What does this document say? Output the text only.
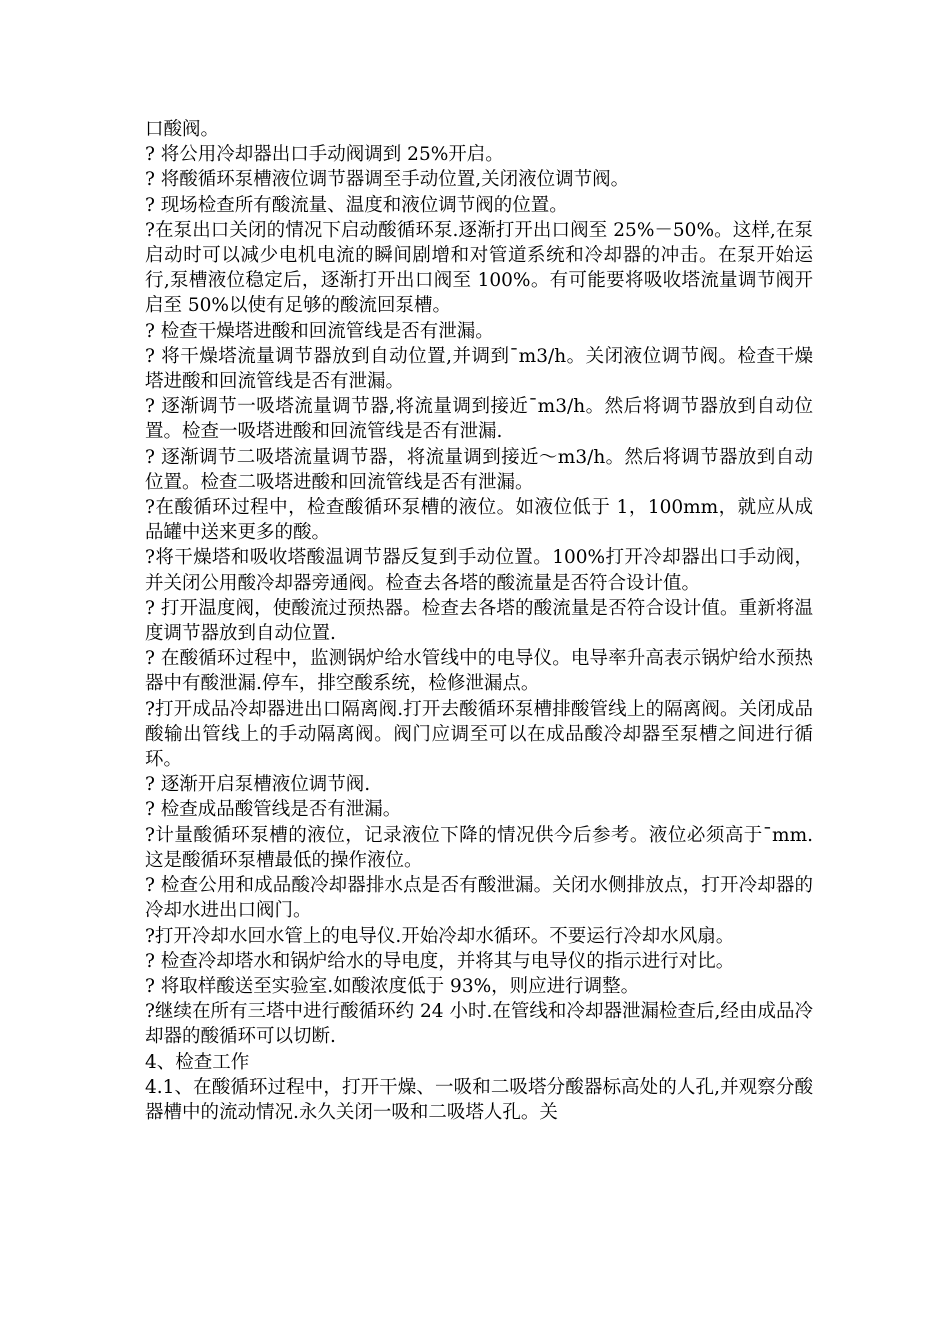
口酸阀。

? 将公用冷却器出口手动阀调到 25%开启。

? 将酸循环泵槽液位调节器调至手动位置,关闭液位调节阀。

? 现场检查所有酸流量、温度和液位调节阀的位置。

?在泵出口关闭的情况下启动酸循环泵.逐渐打开出口阀至 25%－50%。这样,在泵启动时可以减少电机电流的瞬间剧增和对管道系统和冷却器的冲击。在泵开始运行,泵槽液位稳定后，逐渐打开出口阀至 100%。有可能要将吸收塔流量调节阀开启至 50%以使有足够的酸流回泵槽。

? 检查干燥塔进酸和回流管线是否有泄漏。

? 将干燥塔流量调节器放到自动位置,并调到¯m3/h。关闭液位调节阀。检查干燥塔进酸和回流管线是否有泄漏。

? 逐渐调节一吸塔流量调节器,将流量调到接近¯m3/h。然后将调节器放到自动位置。检查一吸塔进酸和回流管线是否有泄漏.

? 逐渐调节二吸塔流量调节器，将流量调到接近～m3/h。然后将调节器放到自动位置。检查二吸塔进酸和回流管线是否有泄漏。

?在酸循环过程中，检查酸循环泵槽的液位。如液位低于 1，100mm，就应从成品罐中送来更多的酸。

?将干燥塔和吸收塔酸温调节器反复到手动位置。100%打开冷却器出口手动阀，并关闭公用酸冷却器旁通阀。检查去各塔的酸流量是否符合设计值。

? 打开温度阀，使酸流过预热器。检查去各塔的酸流量是否符合设计值。重新将温度调节器放到自动位置.

? 在酸循环过程中，监测锅炉给水管线中的电导仪。电导率升高表示锅炉给水预热器中有酸泄漏.停车，排空酸系统，检修泄漏点。

?打开成品冷却器进出口隔离阀.打开去酸循环泵槽排酸管线上的隔离阀。关闭成品酸输出管线上的手动隔离阀。阀门应调至可以在成品酸冷却器至泵槽之间进行循环。

? 逐渐开启泵槽液位调节阀.

? 检查成品酸管线是否有泄漏。

?计量酸循环泵槽的液位，记录液位下降的情况供今后参考。液位必须高于¯mm.这是酸循环泵槽最低的操作液位。

? 检查公用和成品酸冷却器排水点是否有酸泄漏。关闭水侧排放点，打开冷却器的冷却水进出口阀门。

?打开冷却水回水管上的电导仪.开始冷却水循环。不要运行冷却水风扇。

? 检查冷却塔水和锅炉给水的导电度，并将其与电导仪的指示进行对比。

? 将取样酸送至实验室.如酸浓度低于 93%，则应进行调整。

?继续在所有三塔中进行酸循环约 24 小时.在管线和冷却器泄漏检查后,经由成品冷却器的酸循环可以切断.

4、检查工作

4.1、在酸循环过程中，打开干燥、一吸和二吸塔分酸器标高处的人孔,并观察分酸器槽中的流动情况.永久关闭一吸和二吸塔人孔。关
